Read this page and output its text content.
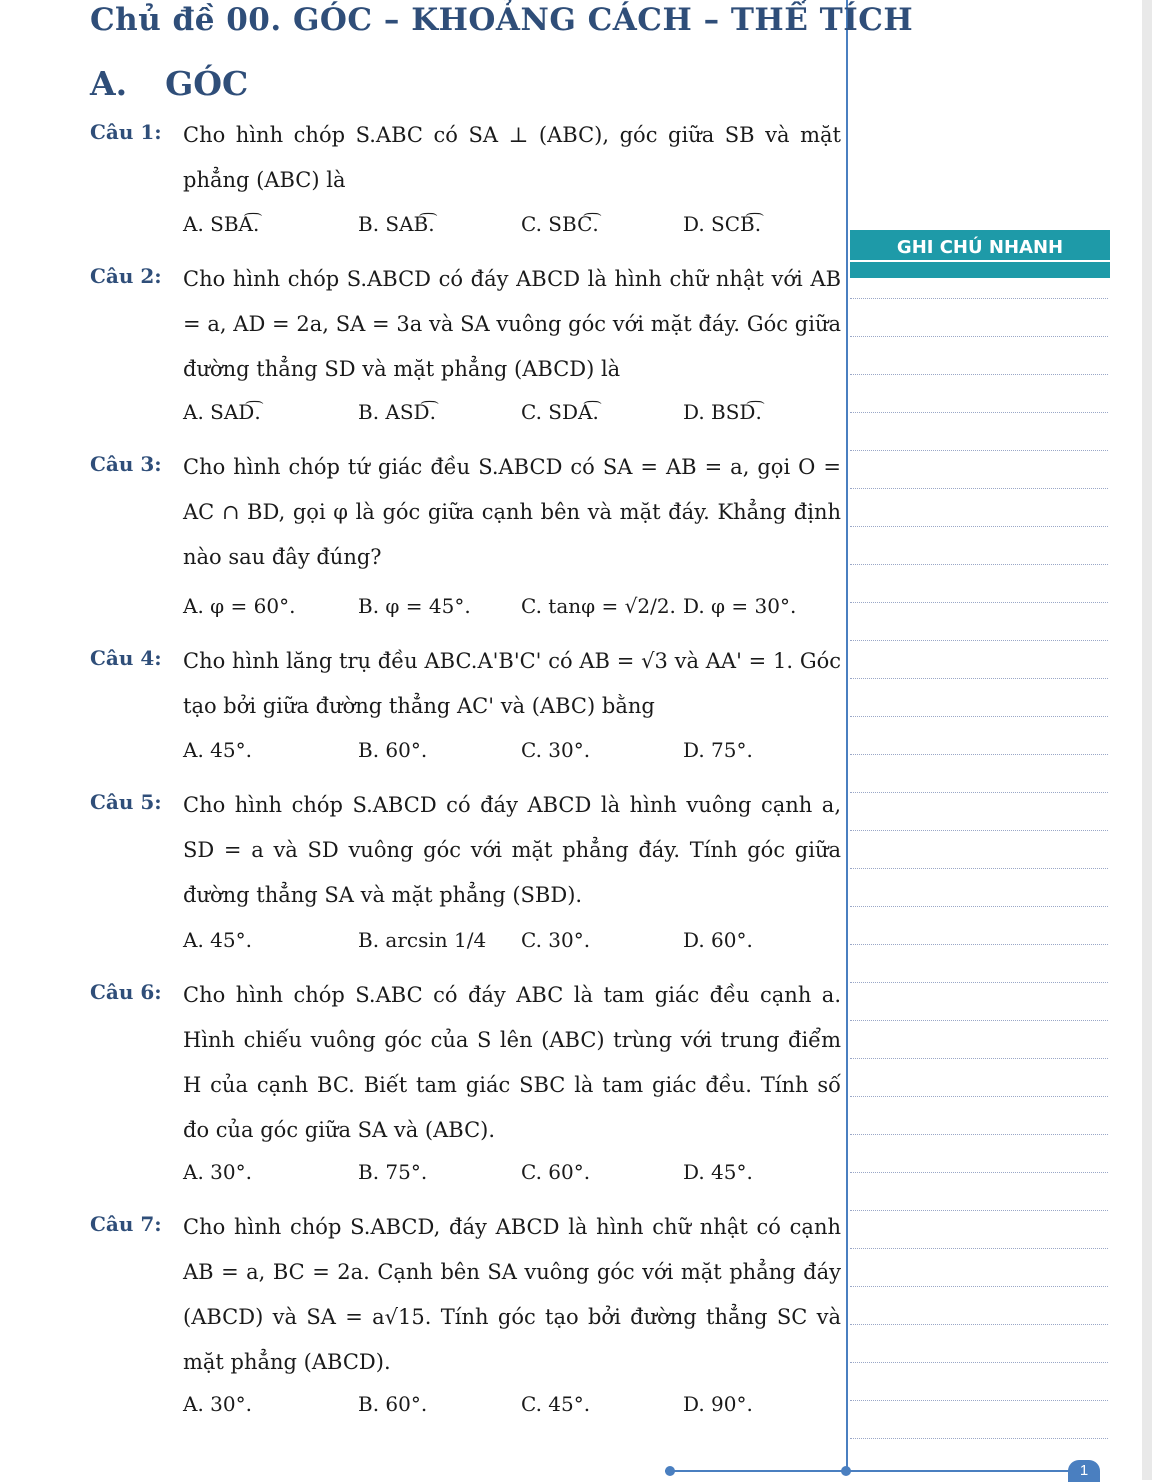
Chủ đề 00. GÓC – KHOẢNG CÁCH – THỂ TÍCH
A. GÓC
Câu 1: Cho hình chóp S.ABC có SA ⊥ (ABC), góc giữa SB và mặt phẳng (ABC) là
A. SBA͡.	B. SAB͡.	C. SBC͡.	D. SCB͡.
Câu 2: Cho hình chóp S.ABCD có đáy ABCD là hình chữ nhật với AB = a, AD = 2a, SA = 3a và SA vuông góc với mặt đáy. Góc giữa đường thẳng SD và mặt phẳng (ABCD) là
A. SAD͡.	B. ASD͡.	C. SDA͡.	D. BSD͡.
Câu 3: Cho hình chóp tứ giác đều S.ABCD có SA = AB = a, gọi O = AC ∩ BD, gọi φ là góc giữa cạnh bên và mặt đáy. Khẳng định nào sau đây đúng?
A. φ = 60°.	B. φ = 45°.	C. tanφ = √2/2. D. φ = 30°.
Câu 4: Cho hình lăng trụ đều ABC.A'B'C' có AB = √3 và AA' = 1. Góc tạo bởi giữa đường thẳng AC' và (ABC) bằng
A. 45°.	B. 60°.	C. 30°.	D. 75°.
Câu 5: Cho hình chóp S.ABCD có đáy ABCD là hình vuông cạnh a, SD = a và SD vuông góc với mặt phẳng đáy. Tính góc giữa đường thẳng SA và mặt phẳng (SBD).
A. 45°.	B. arcsin 1/4 C. 30°.	D. 60°.
Câu 6: Cho hình chóp S.ABC có đáy ABC là tam giác đều cạnh a. Hình chiếu vuông góc của S lên (ABC) trùng với trung điểm H của cạnh BC. Biết tam giác SBC là tam giác đều. Tính số đo của góc giữa SA và (ABC).
A. 30°.	B. 75°.	C. 60°.	D. 45°.
Câu 7: Cho hình chóp S.ABCD, đáy ABCD là hình chữ nhật có cạnh AB = a, BC = 2a. Cạnh bên SA vuông góc với mặt phẳng đáy (ABCD) và SA = a√15. Tính góc tạo bởi đường thẳng SC và mặt phẳng (ABCD).
A. 30°.	B. 60°.	C. 45°.	D. 90°.
GHI CHÚ NHANH
1
